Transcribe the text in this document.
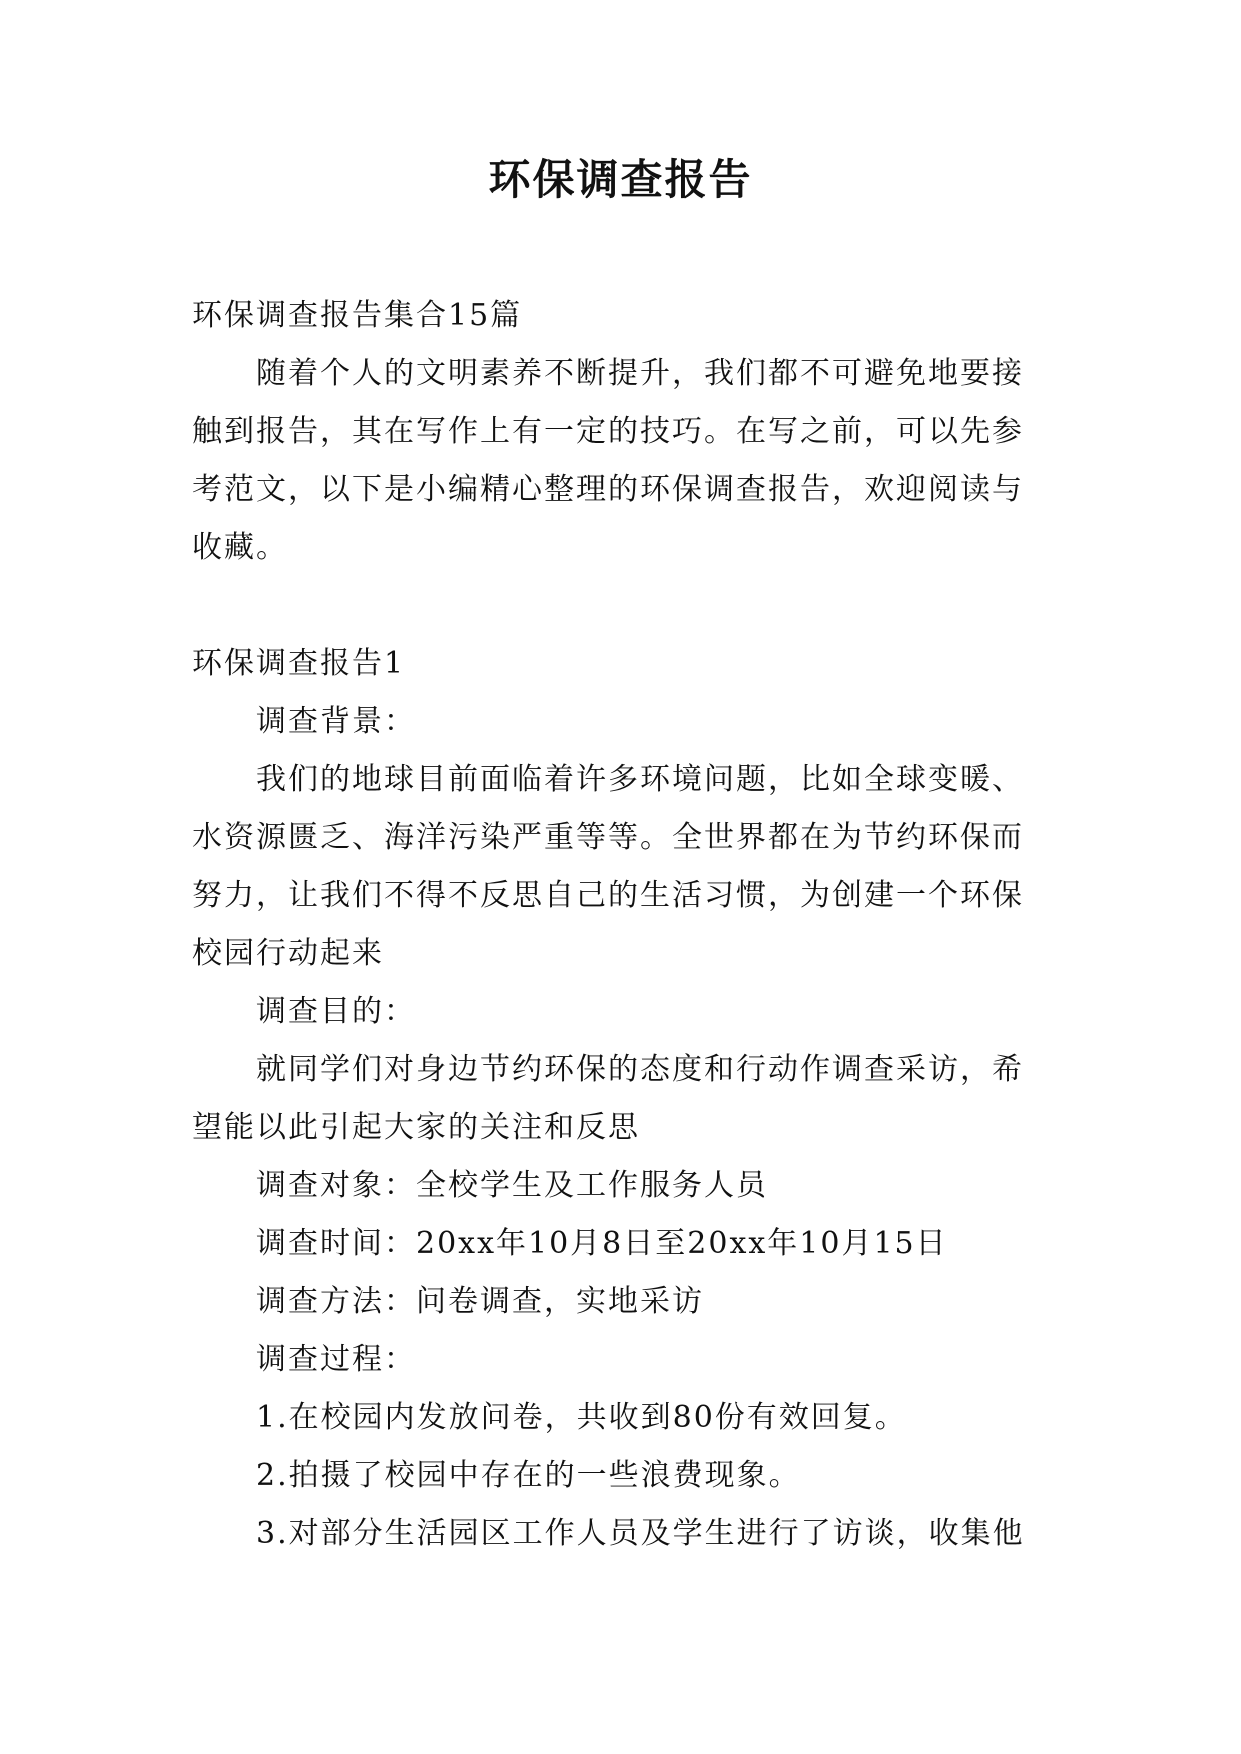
环保调查报告
环保调查报告集合15篇
随着个人的文明素养不断提升，我们都不可避免地要接
触到报告，其在写作上有一定的技巧。在写之前，可以先参
考范文，以下是小编精心整理的环保调查报告，欢迎阅读与
收藏。
环保调查报告1
调查背景：
我们的地球目前面临着许多环境问题，比如全球变暖、
水资源匮乏、海洋污染严重等等。全世界都在为节约环保而
努力，让我们不得不反思自己的生活习惯，为创建一个环保
校园行动起来
调查目的：
就同学们对身边节约环保的态度和行动作调查采访，希
望能以此引起大家的关注和反思
调查对象：全校学生及工作服务人员
调查时间：20xx年10月8日至20xx年10月15日
调查方法：问卷调查，实地采访
调查过程：
1.在校园内发放问卷，共收到80份有效回复。
2.拍摄了校园中存在的一些浪费现象。
3.对部分生活园区工作人员及学生进行了访谈，收集他
